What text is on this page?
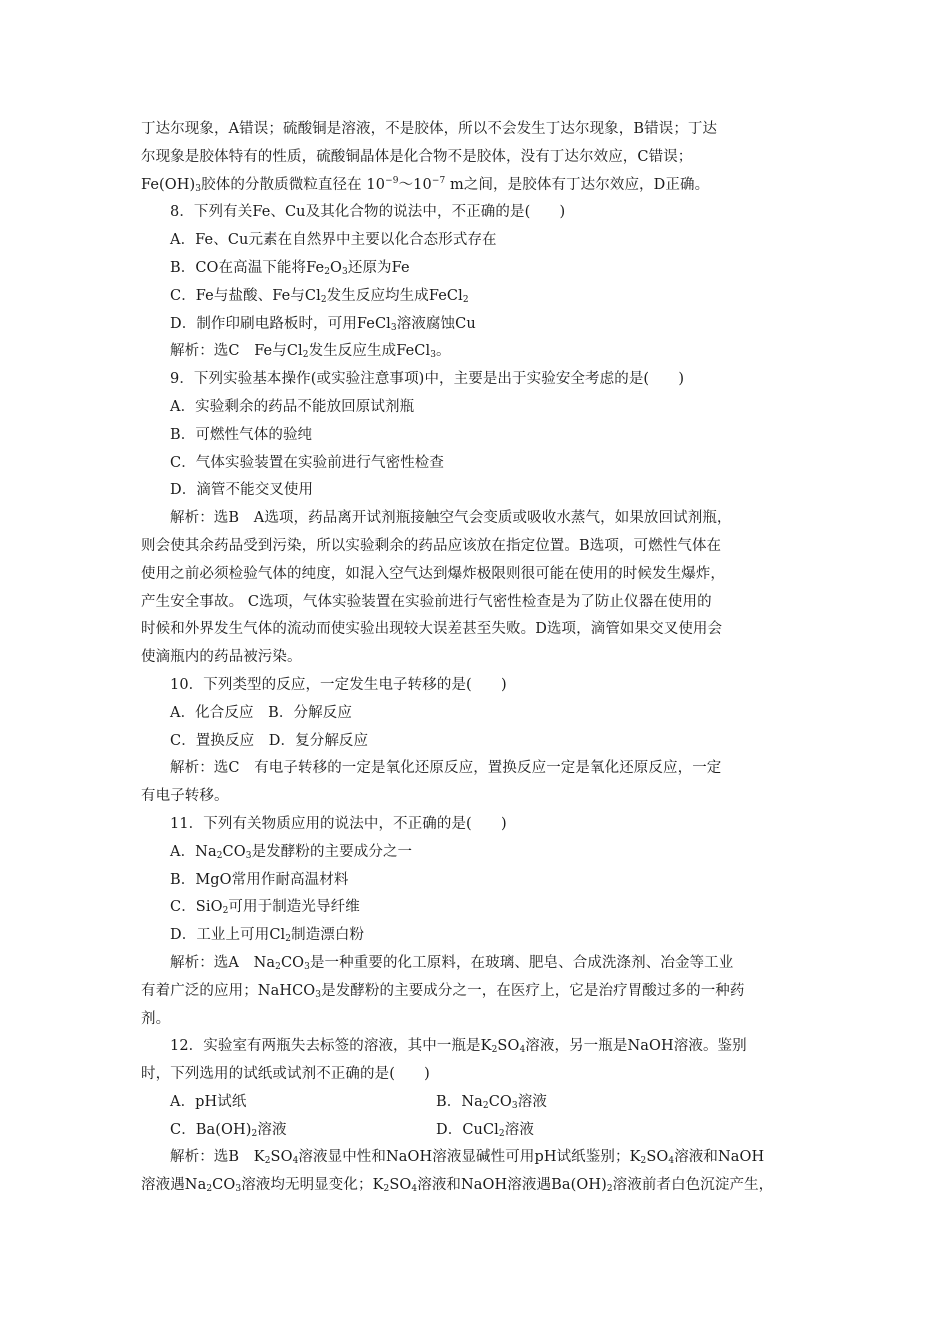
丁达尔现象，A错误；硫酸铜是溶液，不是胶体，所以不会发生丁达尔现象，B错误；丁达
尔现象是胶体特有的性质，硫酸铜晶体是化合物不是胶体，没有丁达尔效应，C错误；
$Fe(OH)_3$胶体的分散质微粒直径在 $10^{-9}\sim 10^{-7}$ m之间，是胶体有丁达尔效应，D正确。
8．下列有关Fe、Cu及其化合物的说法中，不正确的是(　　)
A．Fe、Cu元素在自然界中主要以化合态形式存在
B．CO在高温下能将$Fe_2O_3$还原为Fe
C．Fe与盐酸、Fe与$Cl_2$发生反应均生成FeCl$_2$
D．制作印刷电路板时，可用FeCl$_3$溶液腐蚀Cu
解析：选C　Fe与$Cl_2$发生反应生成FeCl$_3$。
9．下列实验基本操作(或实验注意事项)中，主要是出于实验安全考虑的是(　　)
A．实验剩余的药品不能放回原试剂瓶
B．可燃性气体的验纯
C．气体实验装置在实验前进行气密性检查
D．滴管不能交叉使用
解析：选B　A选项，药品离开试剂瓶接触空气会变质或吸收水蒸气，如果放回试剂瓶，
则会使其余药品受到污染，所以实验剩余的药品应该放在指定位置。B选项，可燃性气体在
使用之前必须检验气体的纯度，如混入空气达到爆炸极限则很可能在使用的时候发生爆炸，
产生安全事故。 C选项，气体实验装置在实验前进行气密性检查是为了防止仪器在使用的
时候和外界发生气体的流动而使实验出现较大误差甚至失败。D选项，滴管如果交叉使用会
使滴瓶内的药品被污染。
10．下列类型的反应，一定发生电子转移的是(　　)
A．化合反应　B．分解反应
C．置换反应　D．复分解反应
解析：选C　有电子转移的一定是氧化还原反应，置换反应一定是氧化还原反应，一定
有电子转移。
11．下列有关物质应用的说法中，不正确的是(　　)
A．$Na_2CO_3$是发酵粉的主要成分之一
B．MgO常用作耐高温材料
C．SiO$_2$可用于制造光导纤维
D．工业上可用$Cl_2$制造漂白粉
解析：选A　$Na_2CO_3$是一种重要的化工原料，在玻璃、肥皂、合成洗涤剂、冶金等工业
有着广泛的应用；NaHCO$_3$是发酵粉的主要成分之一，在医疗上，它是治疗胃酸过多的一种药
剂。
12．实验室有两瓶失去标签的溶液，其中一瓶是$K_2SO_4$溶液，另一瓶是NaOH溶液。鉴别
时，下列选用的试纸或试剂不正确的是(　　)
A．pH试纸	B．$Na_2CO_3$溶液
C．$Ba(OH)_2$溶液	D．CuCl$_2$溶液
解析：选B　$K_2SO_4$溶液显中性和NaOH溶液显碱性可用pH试纸鉴别；$K_2SO_4$溶液和NaOH
溶液遇$Na_2CO_3$溶液均无明显变化；$K_2SO_4$溶液和NaOH溶液遇$Ba(OH)_2$溶液前者白色沉淀产生，
